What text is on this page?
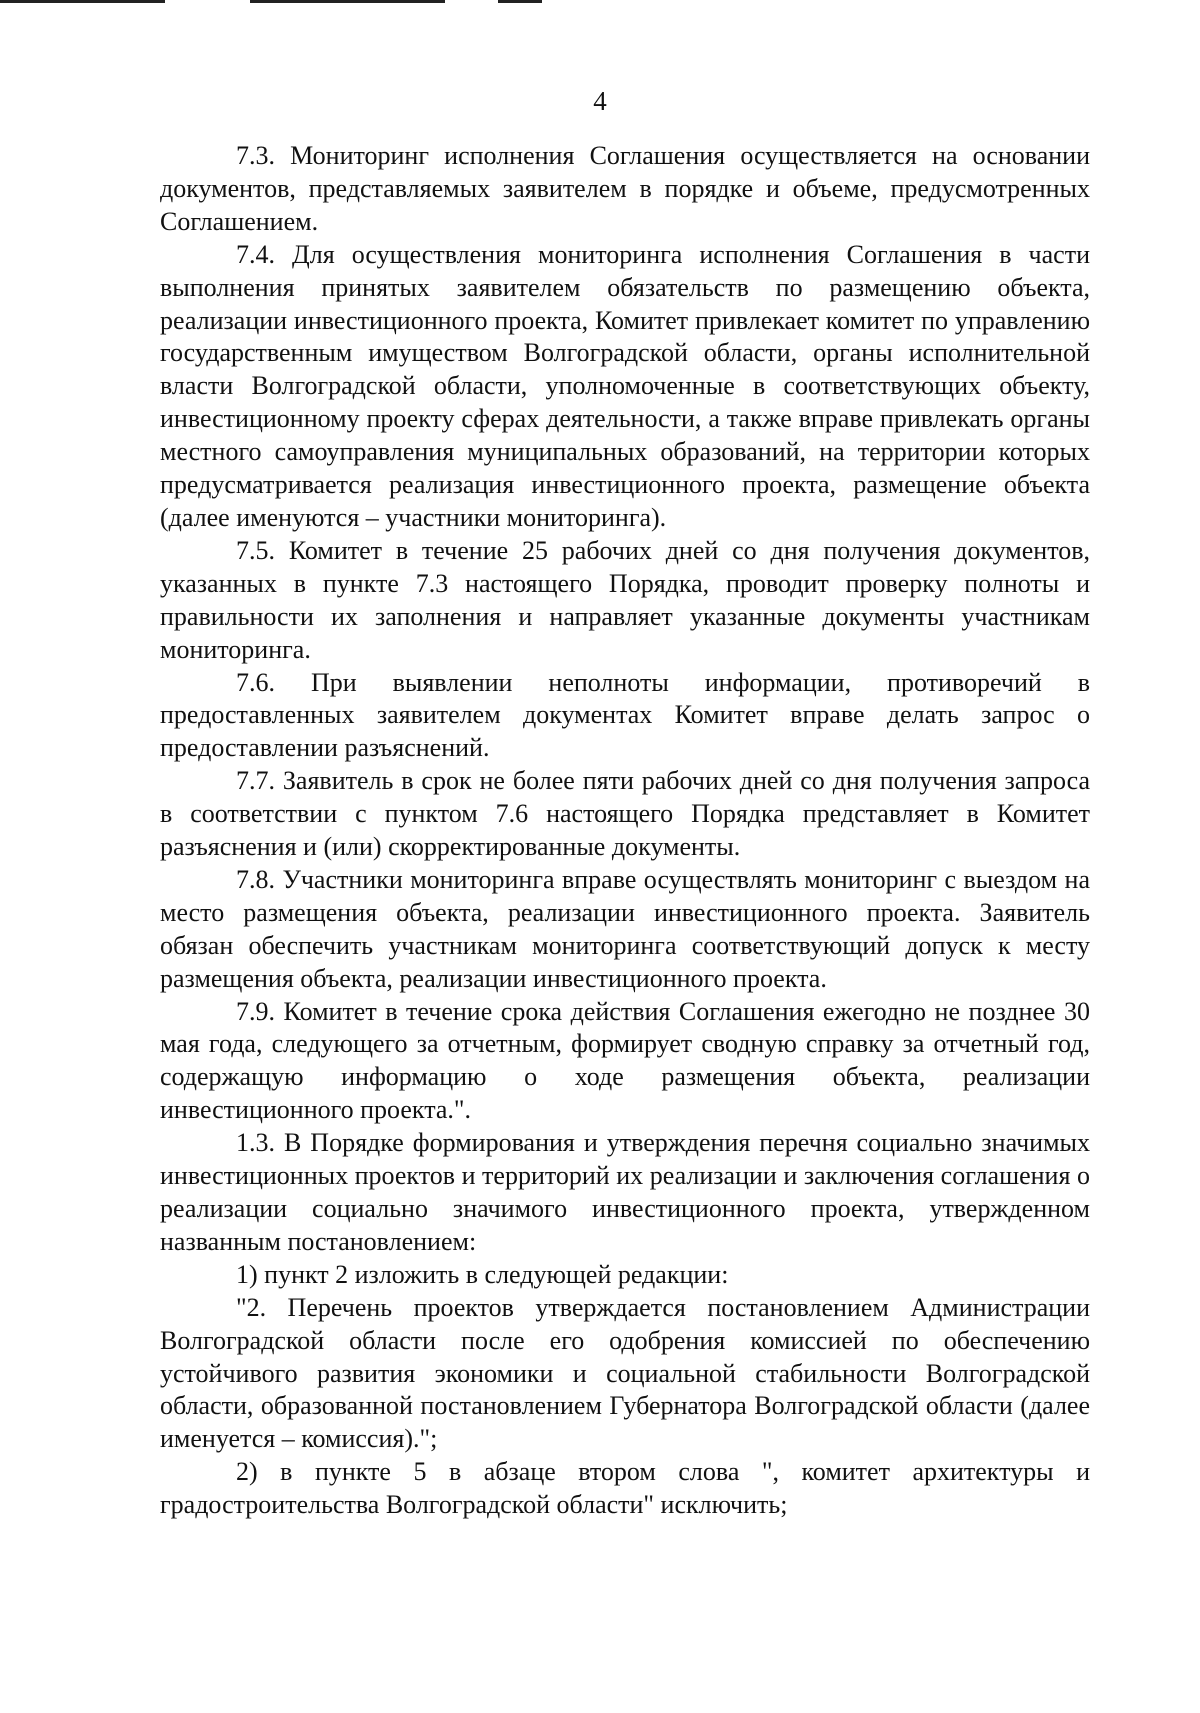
4

7.3. Мониторинг исполнения Соглашения осуществляется на основании документов, представляемых заявителем в порядке и объеме, предусмотренных Соглашением.

7.4. Для осуществления мониторинга исполнения Соглашения в части выполнения принятых заявителем обязательств по размещению объекта, реализации инвестиционного проекта, Комитет привлекает комитет по управлению государственным имуществом Волгоградской области, органы исполнительной власти Волгоградской области, уполномоченные в соответствующих объекту, инвестиционному проекту сферах деятельности, а также вправе привлекать органы местного самоуправления муниципальных образований, на территории которых предусматривается реализация инвестиционного проекта, размещение объекта (далее именуются – участники мониторинга).

7.5. Комитет в течение 25 рабочих дней со дня получения документов, указанных в пункте 7.3 настоящего Порядка, проводит проверку полноты и правильности их заполнения и направляет указанные документы участникам мониторинга.

7.6. При выявлении неполноты информации, противоречий в предоставленных заявителем документах Комитет вправе делать запрос о предоставлении разъяснений.

7.7. Заявитель в срок не более пяти рабочих дней со дня получения запроса в соответствии с пунктом 7.6 настоящего Порядка представляет в Комитет разъяснения и (или) скорректированные документы.

7.8. Участники мониторинга вправе осуществлять мониторинг с выездом на место размещения объекта, реализации инвестиционного проекта. Заявитель обязан обеспечить участникам мониторинга соответствующий допуск к месту размещения объекта, реализации инвестиционного проекта.

7.9. Комитет в течение срока действия Соглашения ежегодно не позднее 30 мая года, следующего за отчетным, формирует сводную справку за отчетный год, содержащую информацию о ходе размещения объекта, реализации инвестиционного проекта.".

1.3. В Порядке формирования и утверждения перечня социально значимых инвестиционных проектов и территорий их реализации и заключения соглашения о реализации социально значимого инвестиционного проекта, утвержденном названным постановлением:

1) пункт 2 изложить в следующей редакции:

"2. Перечень проектов утверждается постановлением Администрации Волгоградской области после его одобрения комиссией по обеспечению устойчивого развития экономики и социальной стабильности Волгоградской области, образованной постановлением Губернатора Волгоградской области (далее именуется – комиссия).";

2) в пункте 5 в абзаце втором слова ", комитет архитектуры и градостроительства Волгоградской области" исключить;
